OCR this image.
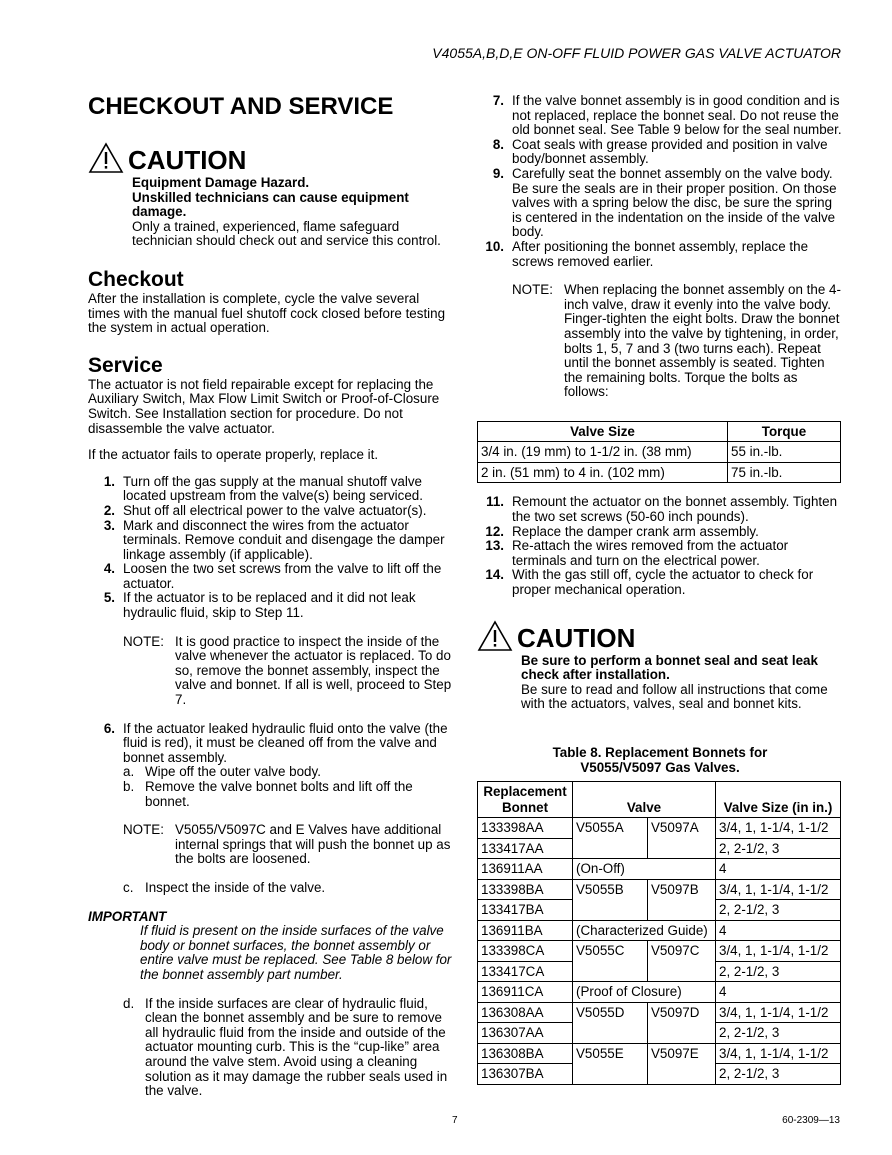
V4055A,B,D,E ON-OFF FLUID POWER GAS VALVE ACTUATOR
CHECKOUT AND SERVICE
CAUTION
Equipment Damage Hazard.
Unskilled technicians can cause equipment damage.
Only a trained, experienced, flame safeguard technician should check out and service this control.
Checkout
After the installation is complete, cycle the valve several times with the manual fuel shutoff cock closed before testing the system in actual operation.
Service
The actuator is not field repairable except for replacing the Auxiliary Switch, Max Flow Limit Switch or Proof-of-Closure Switch. See Installation section for procedure. Do not disassemble the valve actuator.
If the actuator fails to operate properly, replace it.
1. Turn off the gas supply at the manual shutoff valve located upstream from the valve(s) being serviced.
2. Shut off all electrical power to the valve actuator(s).
3. Mark and disconnect the wires from the actuator terminals. Remove conduit and disengage the damper linkage assembly (if applicable).
4. Loosen the two set screws from the valve to lift off the actuator.
5. If the actuator is to be replaced and it did not leak hydraulic fluid, skip to Step 11.
NOTE: It is good practice to inspect the inside of the valve whenever the actuator is replaced. To do so, remove the bonnet assembly, inspect the valve and bonnet. If all is well, proceed to Step 7.
6. If the actuator leaked hydraulic fluid onto the valve (the fluid is red), it must be cleaned off from the valve and bonnet assembly.
a. Wipe off the outer valve body.
b. Remove the valve bonnet bolts and lift off the bonnet.
NOTE: V5055/V5097C and E Valves have additional internal springs that will push the bonnet up as the bolts are loosened.
c. Inspect the inside of the valve.
IMPORTANT
If fluid is present on the inside surfaces of the valve body or bonnet surfaces, the bonnet assembly or entire valve must be replaced. See Table 8 below for the bonnet assembly part number.
d. If the inside surfaces are clear of hydraulic fluid, clean the bonnet assembly and be sure to remove all hydraulic fluid from the inside and outside of the actuator mounting curb. This is the “cup-like” area around the valve stem. Avoid using a cleaning solution as it may damage the rubber seals used in the valve.
7. If the valve bonnet assembly is in good condition and is not replaced, replace the bonnet seal. Do not reuse the old bonnet seal. See Table 9 below for the seal number.
8. Coat seals with grease provided and position in valve body/bonnet assembly.
9. Carefully seat the bonnet assembly on the valve body. Be sure the seals are in their proper position. On those valves with a spring below the disc, be sure the spring is centered in the indentation on the inside of the valve body.
10. After positioning the bonnet assembly, replace the screws removed earlier.
NOTE: When replacing the bonnet assembly on the 4-inch valve, draw it evenly into the valve body. Finger-tighten the eight bolts. Draw the bonnet assembly into the valve by tightening, in order, bolts 1, 5, 7 and 3 (two turns each). Repeat until the bonnet assembly is seated. Tighten the remaining bolts. Torque the bolts as follows:
Valve Size	Torque
3/4 in. (19 mm) to 1-1/2 in. (38 mm)	55 in.-lb.
2 in. (51 mm) to 4 in. (102 mm)	75 in.-lb.
11. Remount the actuator on the bonnet assembly. Tighten the two set screws (50-60 inch pounds).
12. Replace the damper crank arm assembly.
13. Re-attach the wires removed from the actuator terminals and turn on the electrical power.
14. With the gas still off, cycle the actuator to check for proper mechanical operation.
CAUTION
Be sure to perform a bonnet seal and seat leak check after installation.
Be sure to read and follow all instructions that come with the actuators, valves, seal and bonnet kits.
Table 8. Replacement Bonnets for
V5055/V5097 Gas Valves.
Replacement Bonnet	Valve		Valve Size (in in.)
133398AA	V5055A	V5097A	3/4, 1, 1-1/4, 1-1/2
133417AA			2, 2-1/2, 3
136911AA	(On-Off)		4
133398BA	V5055B	V5097B	3/4, 1, 1-1/4, 1-1/2
133417BA			2, 2-1/2, 3
136911BA	(Characterized Guide)		4
133398CA	V5055C	V5097C	3/4, 1, 1-1/4, 1-1/2
133417CA			2, 2-1/2, 3
136911CA	(Proof of Closure)		4
136308AA	V5055D	V5097D	3/4, 1, 1-1/4, 1-1/2
136307AA			2, 2-1/2, 3
136308BA	V5055E	V5097E	3/4, 1, 1-1/4, 1-1/2
136307BA			2, 2-1/2, 3
7	60-2309—13
